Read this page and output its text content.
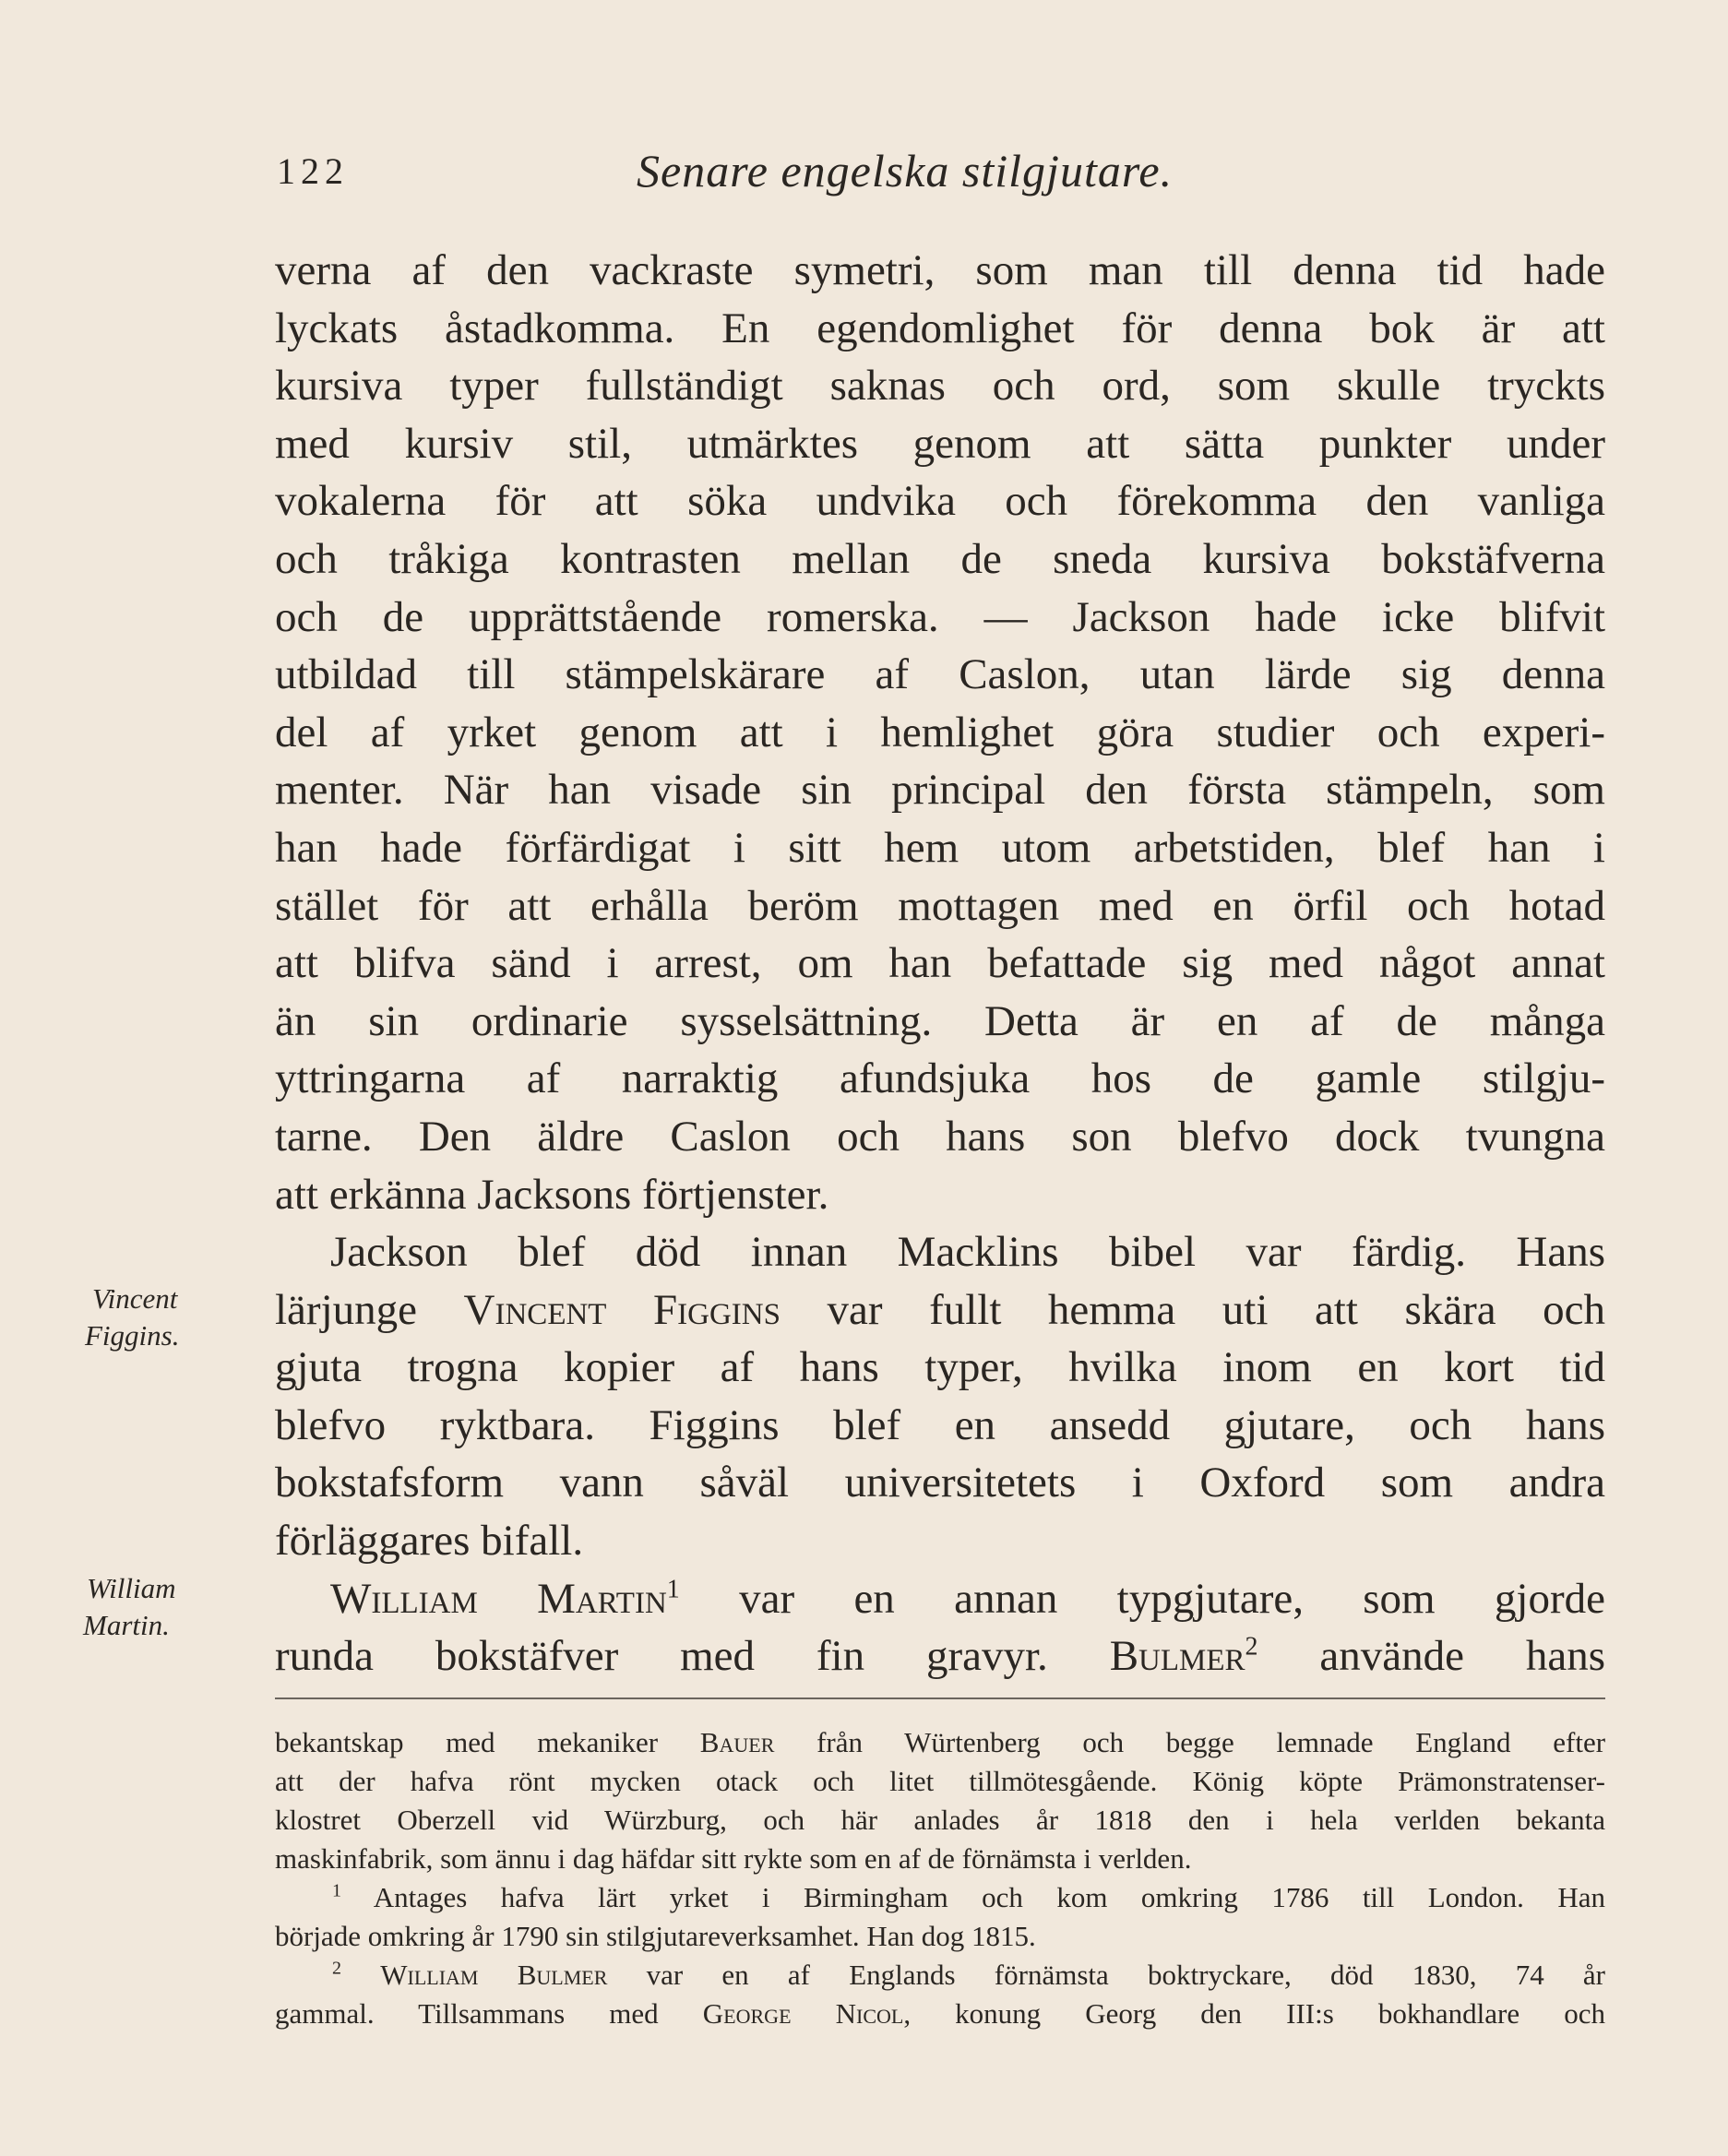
122	Senare engelska stilgjutare.
Vincent
Figgins.
William
Martin.
verna af den vackraste symetri, som man till denna tid hade
lyckats åstadkomma. En egendomlighet för denna bok är att
kursiva typer fullständigt saknas och ord, som skulle tryckts
med kursiv stil, utmärktes genom att sätta punkter under
vokalerna för att söka undvika och förekomma den vanliga
och tråkiga kontrasten mellan de sneda kursiva bokstäfverna
och de upprättstående romerska. — Jackson hade icke blifvit
utbildad till stämpelskärare af Caslon, utan lärde sig denna
del af yrket genom att i hemlighet göra studier och experi-
menter. När han visade sin principal den första stämpeln, som
han hade förfärdigat i sitt hem utom arbetstiden, blef han i
stället för att erhålla beröm mottagen med en örfil och hotad
att blifva sänd i arrest, om han befattade sig med något annat
än sin ordinarie sysselsättning. Detta är en af de många
yttringarna af narraktig afundsjuka hos de gamle stilgju-
tarne. Den äldre Caslon och hans son blefvo dock tvungna
att erkänna Jacksons förtjenster.
Jackson blef död innan Macklins bibel var färdig. Hans
lärjunge Vincent Figgins var fullt hemma uti att skära och
gjuta trogna kopier af hans typer, hvilka inom en kort tid
blefvo ryktbara. Figgins blef en ansedd gjutare, och hans
bokstafsform vann såväl universitetets i Oxford som andra
förläggares bifall.
William Martin$^1$ var en annan typgjutare, som gjorde
runda bokstäfver med fin gravyr. Bulmer$^2$ använde hans
bekantskap med mekaniker Bauer från Würtenberg och begge lemnade England efter
att der hafva rönt mycken otack och litet tillmötesgående. König köpte Prämonstratenser-
klostret Oberzell vid Würzburg, och här anlades år 1818 den i hela verlden bekanta
maskinfabrik, som ännu i dag häfdar sitt rykte som en af de förnämsta i verlden.
$^1$ Antages hafva lärt yrket i Birmingham och kom omkring 1786 till London. Han
började omkring år 1790 sin stilgjutareverksamhet. Han dog 1815.
$^2$ William Bulmer var en af Englands förnämsta boktryckare, död 1830, 74 år
gammal. Tillsammans med George Nicol, konung Georg den III:s bokhandlare och
